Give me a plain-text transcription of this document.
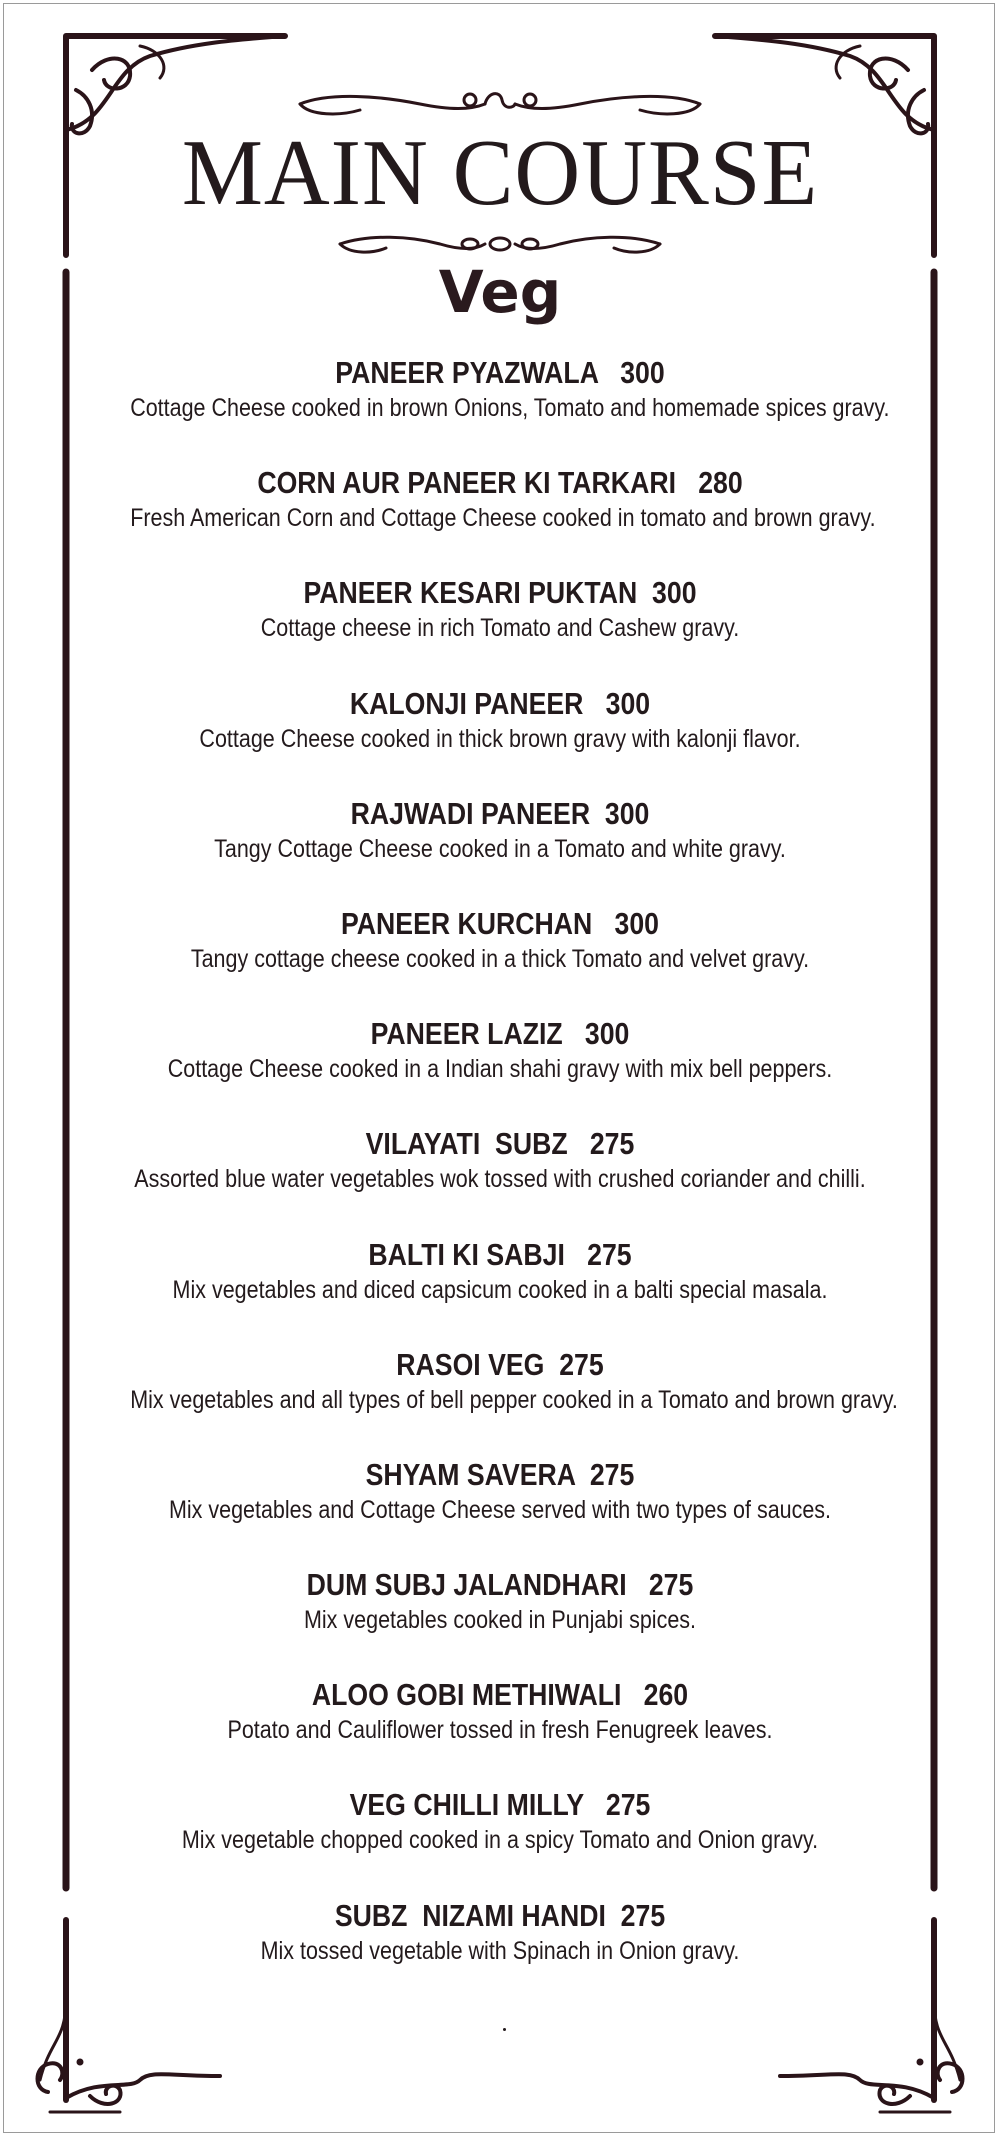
MAIN COURSE
Veg
PANEER PYAZWALA   300
Cottage Cheese cooked in brown Onions, Tomato and homemade spices gravy.
CORN AUR PANEER KI TARKARI   280
Fresh American Corn and Cottage Cheese cooked in tomato and brown gravy.
PANEER KESARI PUKTAN  300
Cottage cheese in rich Tomato and Cashew gravy.
KALONJI PANEER   300
Cottage Cheese cooked in thick brown gravy with kalonji flavor.
RAJWADI PANEER  300
Tangy Cottage Cheese cooked in a Tomato and white gravy.
PANEER KURCHAN   300
Tangy cottage cheese cooked in a thick Tomato and velvet gravy.
PANEER LAZIZ   300
Cottage Cheese cooked in a Indian shahi gravy with mix bell peppers.
VILAYATI  SUBZ   275
Assorted blue water vegetables wok tossed with crushed coriander and chilli.
BALTI KI SABJI   275
Mix vegetables and diced capsicum cooked in a balti special masala.
RASOI VEG  275
Mix vegetables and all types of bell pepper cooked in a Tomato and brown gravy.
SHYAM SAVERA  275
Mix vegetables and Cottage Cheese served with two types of sauces.
DUM SUBJ JALANDHARI   275
Mix vegetables cooked in Punjabi spices.
ALOO GOBI METHIWALI   260
Potato and Cauliflower tossed in fresh Fenugreek leaves.
VEG CHILLI MILLY   275
Mix vegetable chopped cooked in a spicy Tomato and Onion gravy.
SUBZ  NIZAMI HANDI  275
Mix tossed vegetable with Spinach in Onion gravy.
